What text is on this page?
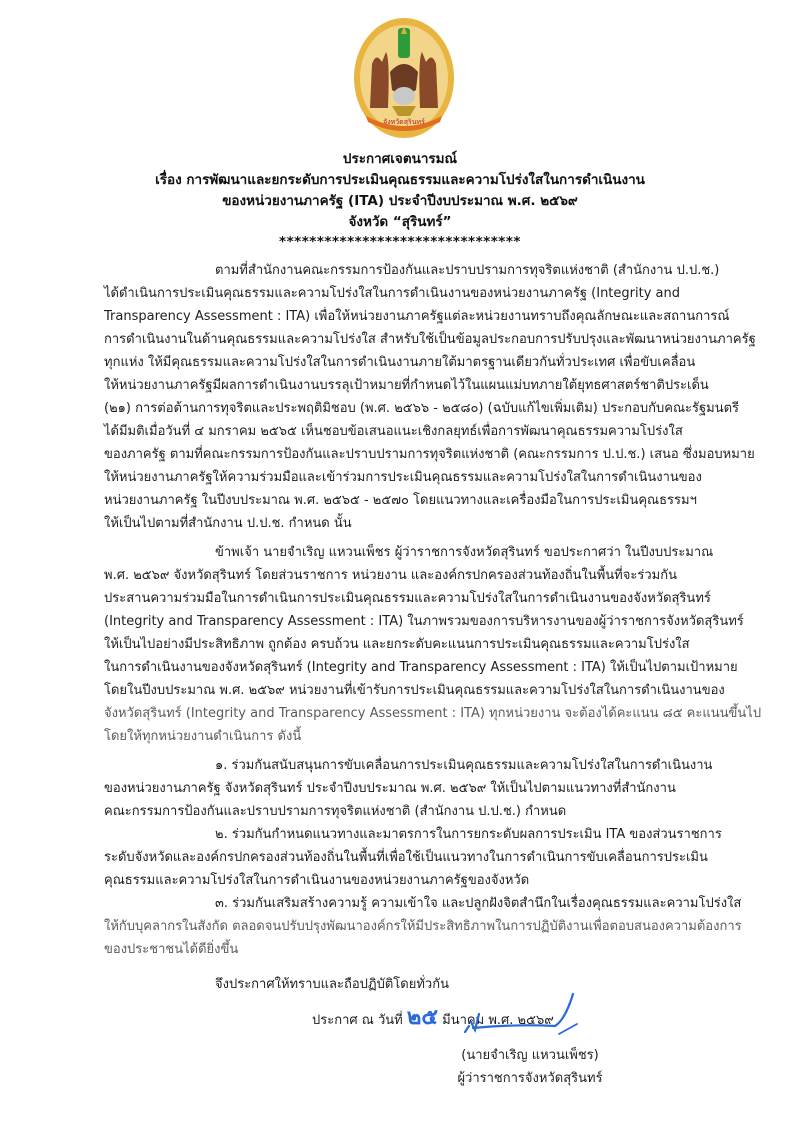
จังหวัดสุรินทร์
ประกาศเจตนารมณ์
เรื่อง การพัฒนาและยกระดับการประเมินคุณธรรมและความโปร่งใสในการดำเนินงาน
ของหน่วยงานภาครัฐ (ITA) ประจำปีงบประมาณ พ.ศ. ๒๕๖๙
จังหวัด “สุรินทร์”
********************************
ตามที่สำนักงานคณะกรรมการป้องกันและปราบปรามการทุจริตแห่งชาติ (สำนักงาน ป.ป.ช.)
ได้ดำเนินการประเมินคุณธรรมและความโปร่งใสในการดำเนินงานของหน่วยงานภาครัฐ (Integrity and
Transparency Assessment : ITA) เพื่อให้หน่วยงานภาครัฐแต่ละหน่วยงานทราบถึงคุณลักษณะและสถานการณ์
การดำเนินงานในด้านคุณธรรมและความโปร่งใส สำหรับใช้เป็นข้อมูลประกอบการปรับปรุงและพัฒนาหน่วยงานภาครัฐ
ทุกแห่ง ให้มีคุณธรรมและความโปร่งใสในการดำเนินงานภายใต้มาตรฐานเดียวกันทั่วประเทศ เพื่อขับเคลื่อน
ให้หน่วยงานภาครัฐมีผลการดำเนินงานบรรลุเป้าหมายที่กำหนดไว้ในแผนแม่บทภายใต้ยุทธศาสตร์ชาติประเด็น
(๒๑) การต่อต้านการทุจริตและประพฤติมิชอบ (พ.ศ. ๒๕๖๖ - ๒๕๘๐) (ฉบับแก้ไขเพิ่มเติม) ประกอบกับคณะรัฐมนตรี
ได้มีมติเมื่อวันที่ ๔ มกราคม ๒๕๖๕ เห็นชอบข้อเสนอแนะเชิงกลยุทธ์เพื่อการพัฒนาคุณธรรมความโปร่งใส
ของภาครัฐ ตามที่คณะกรรมการป้องกันและปราบปรามการทุจริตแห่งชาติ (คณะกรรมการ ป.ป.ช.) เสนอ ซึ่งมอบหมาย
ให้หน่วยงานภาครัฐให้ความร่วมมือและเข้าร่วมการประเมินคุณธรรมและความโปร่งใสในการดำเนินงานของ
หน่วยงานภาครัฐ ในปีงบประมาณ พ.ศ. ๒๕๖๕ - ๒๕๗๐ โดยแนวทางและเครื่องมือในการประเมินคุณธรรมฯ
ให้เป็นไปตามที่สำนักงาน ป.ป.ช. กำหนด นั้น
ข้าพเจ้า นายจำเริญ แหวนเพ็ชร ผู้ว่าราชการจังหวัดสุรินทร์ ขอประกาศว่า ในปีงบประมาณ
พ.ศ. ๒๕๖๙ จังหวัดสุรินทร์ โดยส่วนราชการ หน่วยงาน และองค์กรปกครองส่วนท้องถิ่นในพื้นที่จะร่วมกัน
ประสานความร่วมมือในการดำเนินการประเมินคุณธรรมและความโปร่งใสในการดำเนินงานของจังหวัดสุรินทร์
(Integrity and Transparency Assessment : ITA) ในภาพรวมของการบริหารงานของผู้ว่าราชการจังหวัดสุรินทร์
ให้เป็นไปอย่างมีประสิทธิภาพ ถูกต้อง ครบถ้วน และยกระดับคะแนนการประเมินคุณธรรมและความโปร่งใส
ในการดำเนินงานของจังหวัดสุรินทร์ (Integrity and Transparency Assessment : ITA) ให้เป็นไปตามเป้าหมาย
โดยในปีงบประมาณ พ.ศ. ๒๕๖๙ หน่วยงานที่เข้ารับการประเมินคุณธรรมและความโปร่งใสในการดำเนินงานของ
จังหวัดสุรินทร์ (Integrity and Transparency Assessment : ITA) ทุกหน่วยงาน จะต้องได้คะแนน ๘๕ คะแนนขึ้นไป
โดยให้ทุกหน่วยงานดำเนินการ ดังนี้
๑. ร่วมกันสนับสนุนการขับเคลื่อนการประเมินคุณธรรมและความโปร่งใสในการดำเนินงาน
ของหน่วยงานภาครัฐ จังหวัดสุรินทร์ ประจำปีงบประมาณ พ.ศ. ๒๕๖๙ ให้เป็นไปตามแนวทางที่สำนักงาน
คณะกรรมการป้องกันและปราบปรามการทุจริตแห่งชาติ (สำนักงาน ป.ป.ช.) กำหนด
๒. ร่วมกันกำหนดแนวทางและมาตรการในการยกระดับผลการประเมิน ITA ของส่วนราชการ
ระดับจังหวัดและองค์กรปกครองส่วนท้องถิ่นในพื้นที่เพื่อใช้เป็นแนวทางในการดำเนินการขับเคลื่อนการประเมิน
คุณธรรมและความโปร่งใสในการดำเนินงานของหน่วยงานภาครัฐของจังหวัด
๓. ร่วมกันเสริมสร้างความรู้ ความเข้าใจ และปลูกฝังจิตสำนึกในเรื่องคุณธรรมและความโปร่งใส
ให้กับบุคลากรในสังกัด ตลอดจนปรับปรุงพัฒนาองค์กรให้มีประสิทธิภาพในการปฏิบัติงานเพื่อตอบสนองความต้องการ
ของประชาชนได้ดียิ่งขึ้น
จึงประกาศให้ทราบและถือปฏิบัติโดยทั่วกัน
ประกาศ ณ วันที่ ๒๕ มีนาคม พ.ศ. ๒๕๖๙
(นายจำเริญ แหวนเพ็ชร)
ผู้ว่าราชการจังหวัดสุรินทร์
